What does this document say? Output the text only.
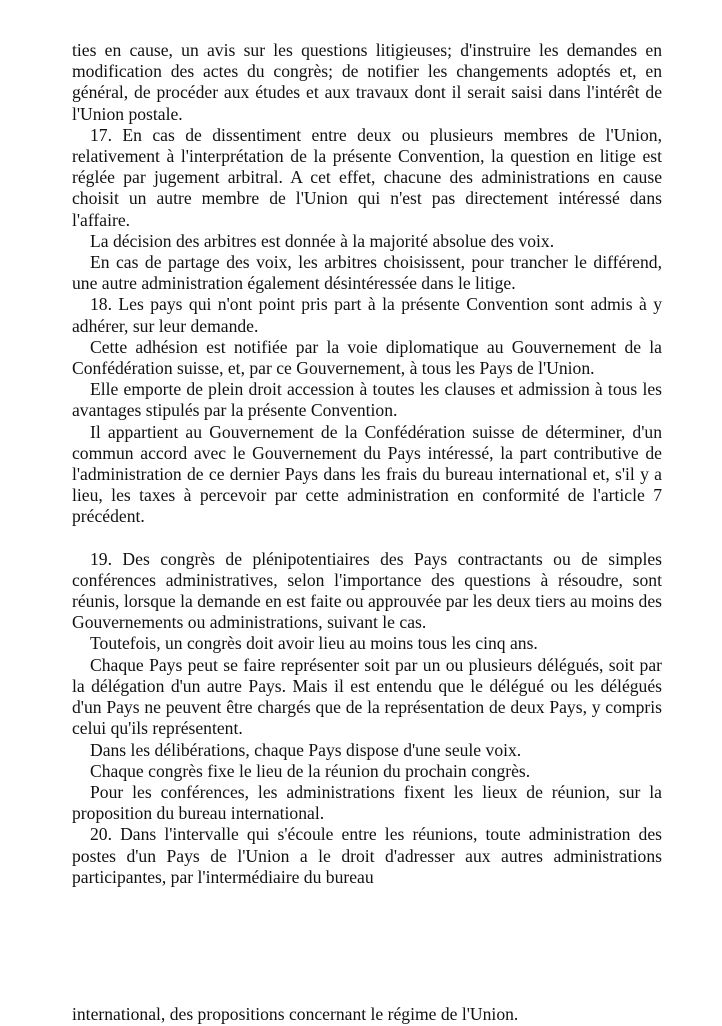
ties en cause, un avis sur les questions litigieuses; d'instruire les demandes en modification des actes du congrès; de notifier les changements adoptés et, en général, de procéder aux études et aux travaux dont il serait saisi dans l'intérêt de l'Union postale.

17. En cas de dissentiment entre deux ou plusieurs membres de l'Union, relativement à l'interprétation de la présente Convention, la question en litige est réglée par jugement arbitral. A cet effet, chacune des administrations en cause choisit un autre membre de l'Union qui n'est pas directement intéressé dans l'affaire.

La décision des arbitres est donnée à la majorité absolue des voix.

En cas de partage des voix, les arbitres choisissent, pour trancher le différend, une autre administration également désintéressée dans le litige.

18. Les pays qui n'ont point pris part à la présente Convention sont admis à y adhérer, sur leur demande.

Cette adhésion est notifiée par la voie diplomatique au Gouvernement de la Confédération suisse, et, par ce Gouvernement, à tous les Pays de l'Union.

Elle emporte de plein droit accession à toutes les clauses et admission à tous les avantages stipulés par la présente Convention.

Il appartient au Gouvernement de la Confédération suisse de déterminer, d'un commun accord avec le Gouvernement du Pays intéressé, la part contributive de l'administration de ce dernier Pays dans les frais du bureau international et, s'il y a lieu, les taxes à percevoir par cette administration en conformité de l'article 7 précédent.

19. Des congrès de plénipotentiaires des Pays contractants ou de simples conférences administratives, selon l'importance des questions à résoudre, sont réunis, lorsque la demande en est faite ou approuvée par les deux tiers au moins des Gouvernements ou administrations, suivant le cas.

Toutefois, un congrès doit avoir lieu au moins tous les cinq ans.

Chaque Pays peut se faire représenter soit par un ou plusieurs délégués, soit par la délégation d'un autre Pays. Mais il est entendu que le délégué ou les délégués d'un Pays ne peuvent être chargés que de la représentation de deux Pays, y compris celui qu'ils représentent.

Dans les délibérations, chaque Pays dispose d'une seule voix.

Chaque congrès fixe le lieu de la réunion du prochain congrès.

Pour les conférences, les administrations fixent les lieux de réunion, sur la proposition du bureau international.

20. Dans l'intervalle qui s'écoule entre les réunions, toute administration des postes d'un Pays de l'Union a le droit d'adresser aux autres administrations participantes, par l'intermédiaire du bureau

international, des propositions concernant le régime de l'Union.
